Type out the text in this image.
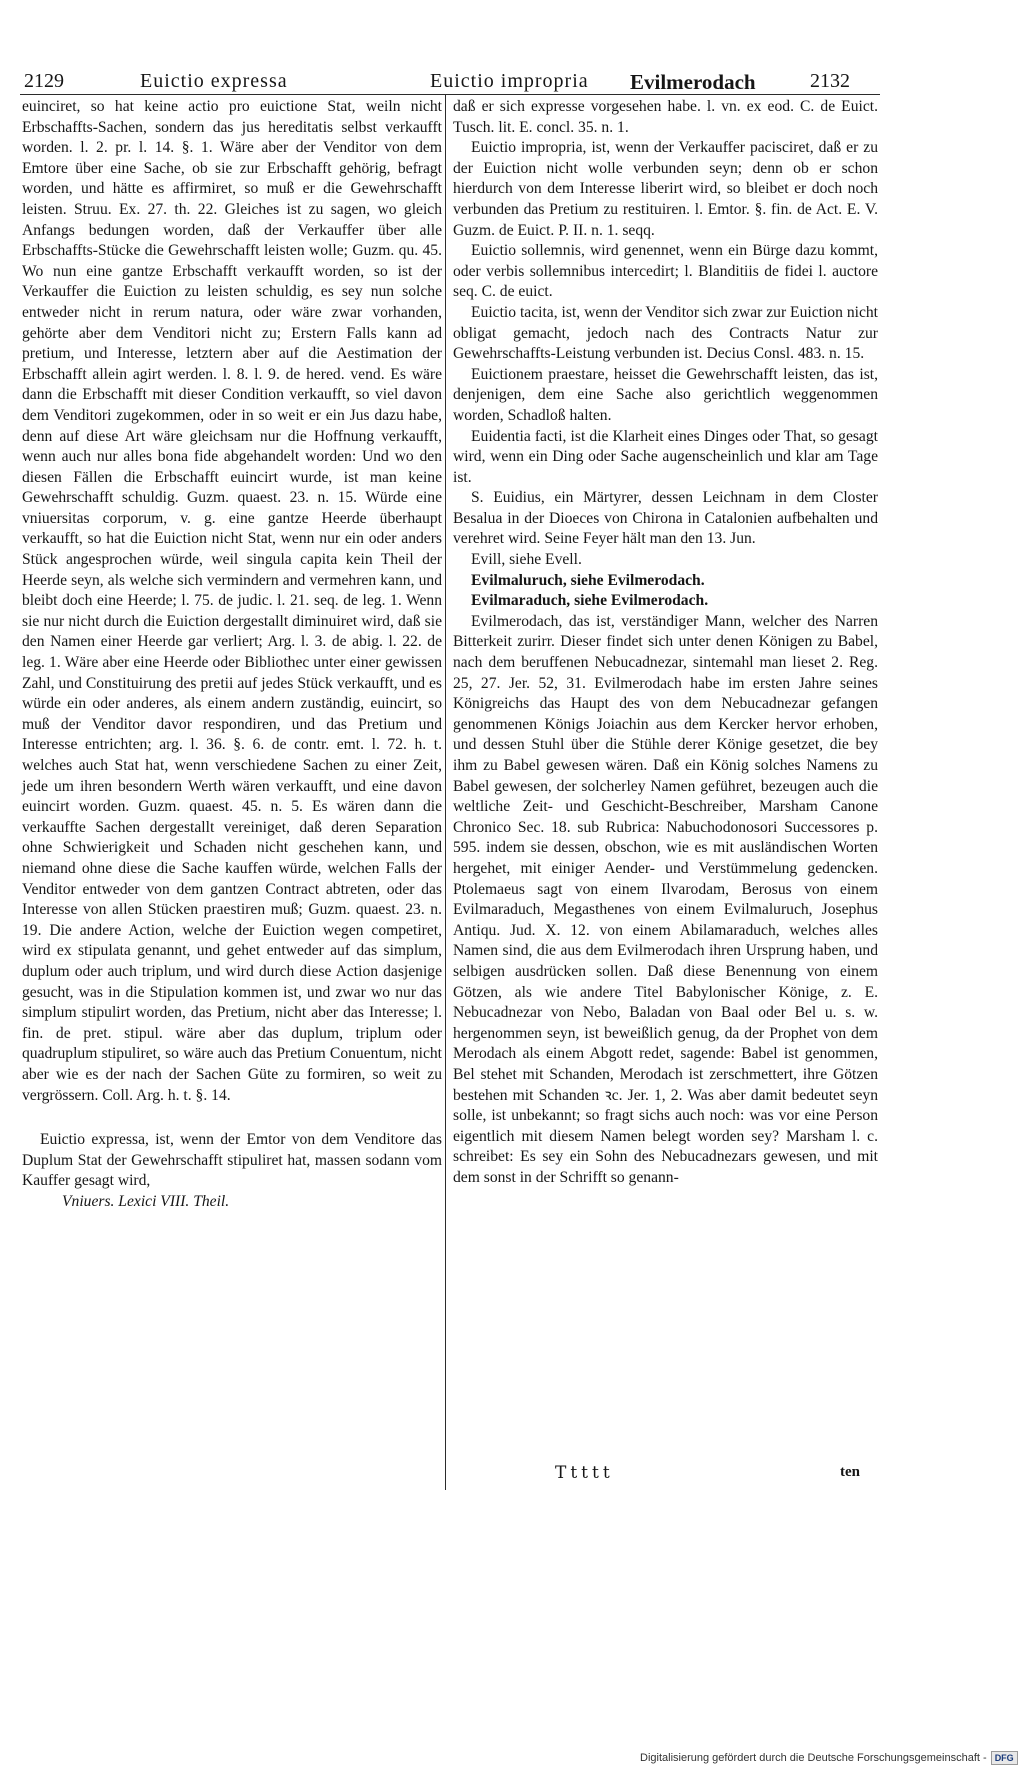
2129	Euictio expressa	Euictio impropria Evilmerodach	2132

euinciret, so hat keine actio pro euictione Stat, weiln nicht Erbschaffts-Sachen, sondern das jus hereditatis selbst verkaufft worden. l. 2. pr. l. 14. §. 1. Wäre aber der Venditor von dem Emtore über eine Sache, ob sie zur Erbschafft gehörig, befragt worden, und hätte es affirmiret, so muß er die Gewehrschafft leisten. Struu. Ex. 27. th. 22. Gleiches ist zu sagen, wo gleich Anfangs bedungen worden, daß der Verkauffer über alle Erbschaffts-Stücke die Gewehrschafft leisten wolle; Guzm. qu. 45. Wo nun eine gantze Erbschafft verkaufft worden, so ist der Verkauffer die Euiction zu leisten schuldig, es sey nun solche entweder nicht in rerum natura, oder wäre zwar vorhanden, gehörte aber dem Venditori nicht zu; Erstern Falls kann ad pretium, und Interesse, letztern aber auf die Aestimation der Erbschafft allein agirt werden. l. 8. l. 9. de hered. vend. Es wäre dann die Erbschafft mit dieser Condition verkaufft, so viel davon dem Venditori zugekommen, oder in so weit er ein Jus dazu habe, denn auf diese Art wäre gleichsam nur die Hoffnung verkaufft, wenn auch nur alles bona fide abgehandelt worden: Und wo den diesen Fällen die Erbschafft euincirt wurde, ist man keine Gewehrschafft schuldig. Guzm. quaest. 23. n. 15. Würde eine vniuersitas corporum, v. g. eine gantze Heerde überhaupt verkaufft, so hat die Euiction nicht Stat, wenn nur ein oder anders Stück angesprochen würde, weil singula capita kein Theil der Heerde seyn, als welche sich vermindern and vermehren kann, und bleibt doch eine Heerde; l. 75. de judic. l. 21. seq. de leg. 1. Wenn sie nur nicht durch die Euiction dergestallt diminuiret wird, daß sie den Namen einer Heerde gar verliert; Arg. l. 3. de abig. l. 22. de leg. 1. Wäre aber eine Heerde oder Bibliothec unter einer gewissen Zahl, und Constituirung des pretii auf jedes Stück verkaufft, und es würde ein oder anderes, als einem andern zuständig, euincirt, so muß der Venditor davor respondiren, und das Pretium und Interesse entrichten; arg. l. 36. §. 6. de contr. emt. l. 72. h. t. welches auch Stat hat, wenn verschiedene Sachen zu einer Zeit, jede um ihren besondern Werth wären verkaufft, und eine davon euincirt worden. Guzm. quaest. 45. n. 5. Es wären dann die verkauffte Sachen dergestallt vereiniget, daß deren Separation ohne Schwierigkeit und Schaden nicht geschehen kann, und niemand ohne diese die Sache kauffen würde, welchen Falls der Venditor entweder von dem gantzen Contract abtreten, oder das Interesse von allen Stücken praestiren muß; Guzm. quaest. 23. n. 19. Die andere Action, welche der Euiction wegen competiret, wird ex stipulata genannt, und gehet entweder auf das simplum, duplum oder auch triplum, und wird durch diese Action dasjenige gesucht, was in die Stipulation kommen ist, und zwar wo nur das simplum stipulirt worden, das Pretium, nicht aber das Interesse; l. fin. de pret. stipul. wäre aber das duplum, triplum oder quadruplum stipuliret, so wäre auch das Pretium Conuentum, nicht aber wie es der nach der Sachen Güte zu formiren, so weit zu vergrössern. Coll. Arg. h. t. §. 14.

Euictio expressa, ist, wenn der Emtor von dem Venditore das Duplum Stat der Gewehrschafft stipuliret hat, massen sodann vom Kauffer gesagt wird,

Vniuers. Lexici VIII. Theil.

daß er sich expresse vorgesehen habe. l. vn. ex eod. C. de Euict. Tusch. lit. E. concl. 35. n. 1.

Euictio impropria, ist, wenn der Verkauffer pacisciret, daß er zu der Euiction nicht wolle verbunden seyn; denn ob er schon hierdurch von dem Interesse liberirt wird, so bleibet er doch noch verbunden das Pretium zu restituiren. l. Emtor. §. fin. de Act. E. V. Guzm. de Euict. P. II. n. 1. seqq.

Euictio sollemnis, wird genennet, wenn ein Bürge dazu kommt, oder verbis sollemnibus intercedirt; l. Blanditiis de fidei l. auctore seq. C. de euict.

Euictio tacita, ist, wenn der Venditor sich zwar zur Euiction nicht obligat gemacht, jedoch nach des Contracts Natur zur Gewehrschaffts-Leistung verbunden ist. Decius Consl. 483. n. 15.

Euictionem praestare, heisset die Gewehrschafft leisten, das ist, denjenigen, dem eine Sache also gerichtlich weggenommen worden, Schadloß halten.

Euidentia facti, ist die Klarheit eines Dinges oder That, so gesagt wird, wenn ein Ding oder Sache augenscheinlich und klar am Tage ist.

S. Euidius, ein Märtyrer, dessen Leichnam in dem Closter Besalua in der Dioeces von Chirona in Catalonien aufbehalten und verehret wird. Seine Feyer hält man den 13. Jun.

Evill, siehe Evell.

Evilmaluruch, siehe Evilmerodach.

Evilmaraduch, siehe Evilmerodach.

Evilmerodach, das ist, verständiger Mann, welcher des Narren Bitterkeit zurirr. Dieser findet sich unter denen Königen zu Babel, nach dem beruffenen Nebucadnezar, sintemahl man lieset 2. Reg. 25, 27. Jer. 52, 31. Evilmerodach habe im ersten Jahre seines Königreichs das Haupt des von dem Nebucadnezar gefangen genommenen Königs Joiachin aus dem Kercker hervor erhoben, und dessen Stuhl über die Stühle derer Könige gesetzet, die bey ihm zu Babel gewesen wären. Daß ein König solches Namens zu Babel gewesen, der solcherley Namen geführet, bezeugen auch die weltliche Zeit- und Geschicht-Beschreiber, Marsham Canone Chronico Sec. 18. sub Rubrica: Nabuchodonosori Successores p. 595. indem sie dessen, obschon, wie es mit ausländischen Worten hergehet, mit einiger Aender- und Verstümmelung gedencken. Ptolemaeus sagt von einem Ilvarodam, Berosus von einem Evilmaraduch, Megasthenes von einem Evilmaluruch, Josephus Antiqu. Jud. X. 12. von einem Abilamaraduch, welches alles Namen sind, die aus dem Evilmerodach ihren Ursprung haben, und selbigen ausdrücken sollen. Daß diese Benennung von einem Götzen, als wie andere Titel Babylonischer Könige, z. E. Nebucadnezar von Nebo, Baladan von Baal oder Bel u. s. w. hergenommen seyn, ist beweißlich genug, da der Prophet von dem Merodach als einem Abgott redet, sagende: Babel ist genommen, Bel stehet mit Schanden, Merodach ist zerschmettert, ihre Götzen bestehen mit Schanden ꝛc. Jer. 1, 2. Was aber damit bedeutet seyn solle, ist unbekannt; so fragt sichs auch noch: was vor eine Person eigentlich mit diesem Namen belegt worden sey? Marsham l. c. schreibet: Es sey ein Sohn des Nebucadnezars gewesen, und mit dem sonst in der Schrifft so genann-

Ttttt	ten
Digitalisierung gefördert durch die Deutsche Forschungsgemeinschaft - DFG
